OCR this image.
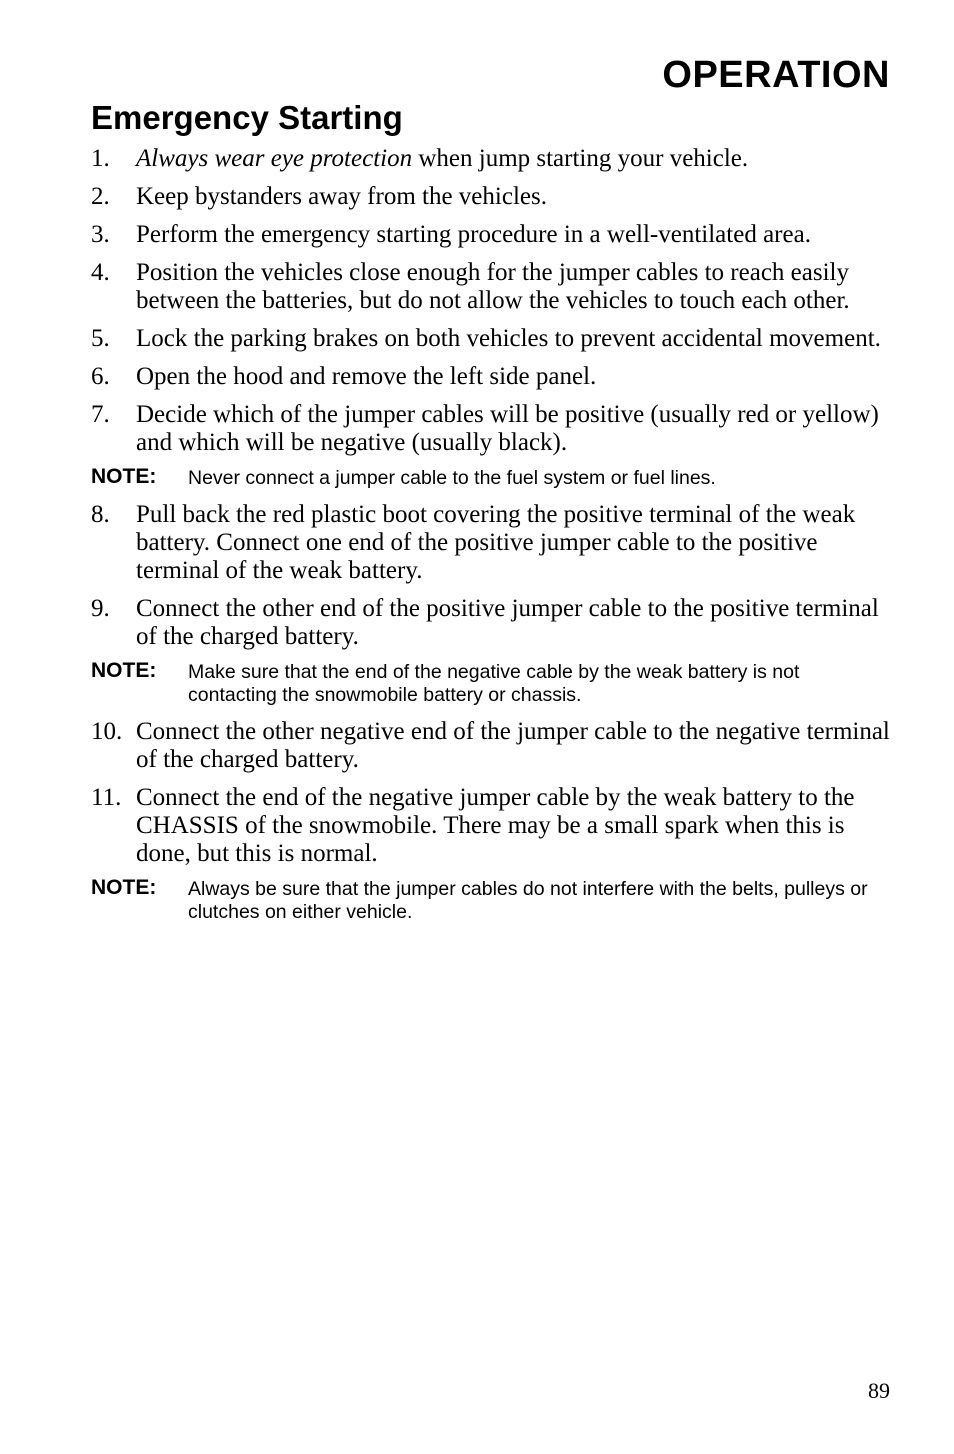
OPERATION
Emergency Starting
1. Always wear eye protection when jump starting your vehicle.
2. Keep bystanders away from the vehicles.
3. Perform the emergency starting procedure in a well-ventilated area.
4. Position the vehicles close enough for the jumper cables to reach easily between the batteries, but do not allow the vehicles to touch each other.
5. Lock the parking brakes on both vehicles to prevent accidental movement.
6. Open the hood and remove the left side panel.
7. Decide which of the jumper cables will be positive (usually red or yellow) and which will be negative (usually black).
NOTE: Never connect a jumper cable to the fuel system or fuel lines.
8. Pull back the red plastic boot covering the positive terminal of the weak battery. Connect one end of the positive jumper cable to the positive terminal of the weak battery.
9. Connect the other end of the positive jumper cable to the positive terminal of the charged battery.
NOTE: Make sure that the end of the negative cable by the weak battery is not contacting the snowmobile battery or chassis.
10. Connect the other negative end of the jumper cable to the negative terminal of the charged battery.
11. Connect the end of the negative jumper cable by the weak battery to the CHASSIS of the snowmobile. There may be a small spark when this is done, but this is normal.
NOTE: Always be sure that the jumper cables do not interfere with the belts, pulleys or clutches on either vehicle.
89
